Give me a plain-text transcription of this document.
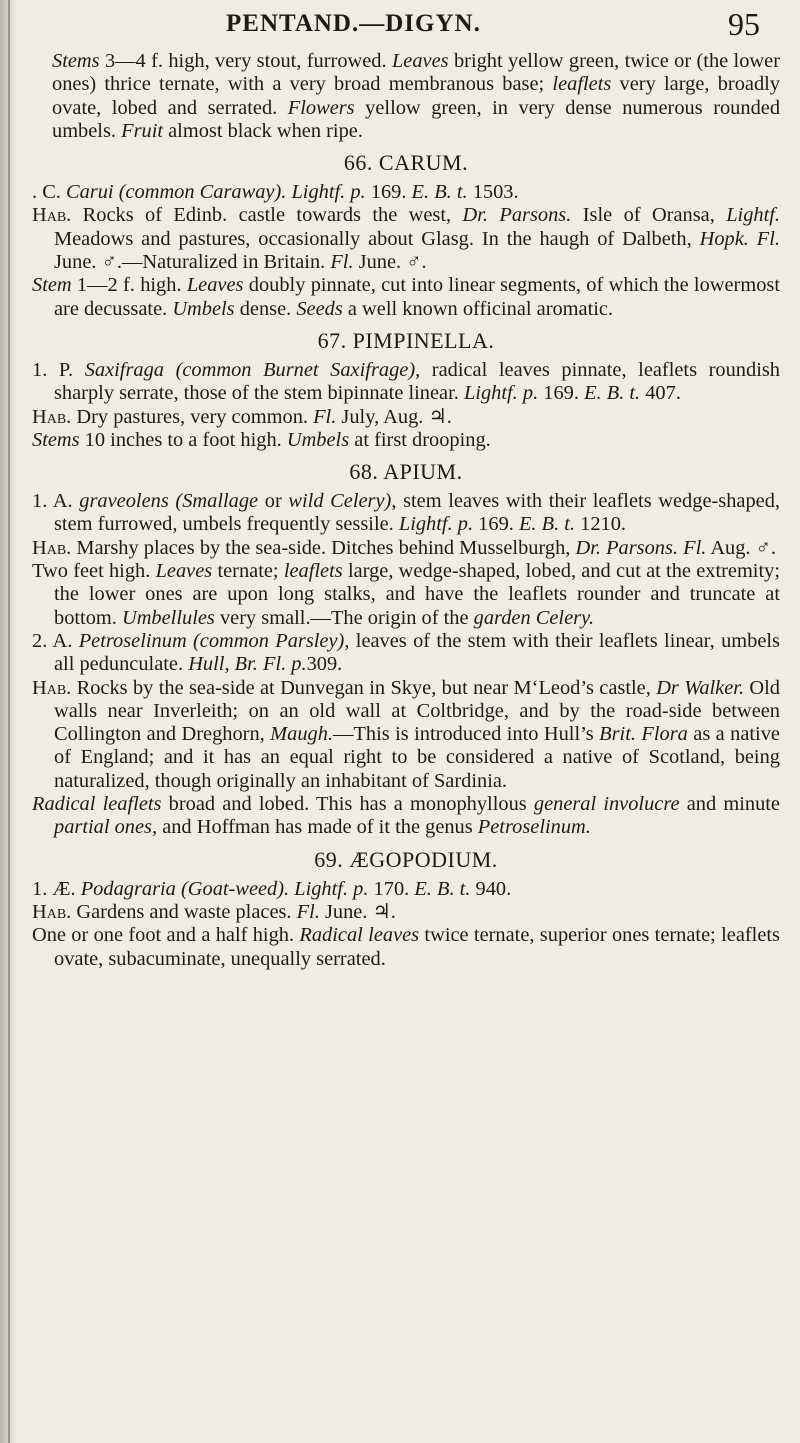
PENTAND.—DIGYN.	95

Stems 3—4 f. high, very stout, furrowed. Leaves bright yellow green, twice or (the lower ones) thrice ternate, with a very broad membranous base; leaflets very large, broadly ovate, lobed and serrated. Flowers yellow green, in very dense numerous rounded umbels. Fruit almost black when ripe.

66. CARUM.

. C. Carui (common Caraway). Lightf. p. 169. E. B. t. 1503.

Hab. Rocks of Edinb. castle towards the west, Dr. Parsons. Isle of Oransa, Lightf. Meadows and pastures, occasionally about Glasg. In the haugh of Dalbeth, Hopk. Fl. June. ♂.—Naturalized in Britain. Fl. June. ♂.

Stem 1—2 f. high. Leaves doubly pinnate, cut into linear segments, of which the lowermost are decussate. Umbels dense. Seeds a well known officinal aromatic.

67. PIMPINELLA.

1. P. Saxifraga (common Burnet Saxifrage), radical leaves pinnate, leaflets roundish sharply serrate, those of the stem bipinnate linear. Lightf. p. 169. E. B. t. 407.

Hab. Dry pastures, very common. Fl. July, Aug. ♃.

Stems 10 inches to a foot high. Umbels at first drooping.

68. APIUM.

1. A. graveolens (Smallage or wild Celery), stem leaves with their leaflets wedge-shaped, stem furrowed, umbels frequently sessile. Lightf. p. 169. E. B. t. 1210.

Hab. Marshy places by the sea-side. Ditches behind Musselburgh, Dr. Parsons. Fl. Aug. ♂.

Two feet high. Leaves ternate; leaflets large, wedge-shaped, lobed, and cut at the extremity; the lower ones are upon long stalks, and have the leaflets rounder and truncate at bottom. Umbellules very small.—The origin of the garden Celery.

2. A. Petroselinum (common Parsley), leaves of the stem with their leaflets linear, umbels all pedunculate. Hull, Br. Fl. p.309.

Hab. Rocks by the sea-side at Dunvegan in Skye, but near M‘Leod’s castle, Dr Walker. Old walls near Inverleith; on an old wall at Coltbridge, and by the road-side between Collington and Dreghorn, Maugh.—This is introduced into Hull’s Brit. Flora as a native of England; and it has an equal right to be considered a native of Scotland, being naturalized, though originally an inhabitant of Sardinia.

Radical leaflets broad and lobed. This has a monophyllous general involucre and minute partial ones, and Hoffman has made of it the genus Petroselinum.

69. ÆGOPODIUM.

1. Æ. Podagraria (Goat-weed). Lightf. p. 170. E. B. t. 940.

Hab. Gardens and waste places. Fl. June. ♃.

One or one foot and a half high. Radical leaves twice ternate, superior ones ternate; leaflets ovate, subacuminate, unequally serrated.
